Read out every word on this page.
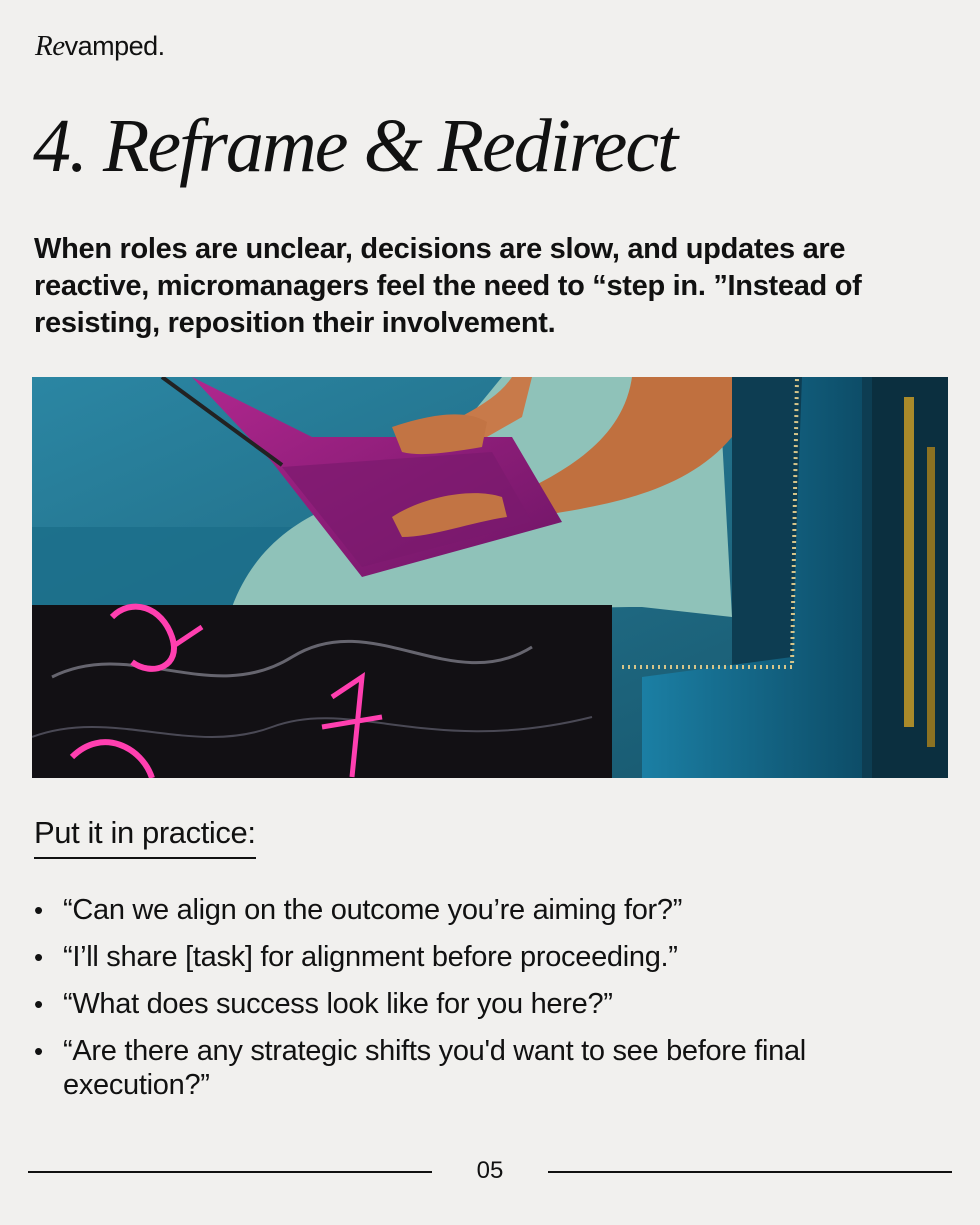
Revamped.
4. Reframe & Redirect

When roles are unclear, decisions are slow, and updates are reactive, micromanagers feel the need to “step in. ”Instead of resisting, reposition their involvement.

Put it in practice:
• “Can we align on the outcome you’re aiming for?”
• “I’ll share [task] for alignment before proceeding.”
• “What does success look like for you here?”
• “Are there any strategic shifts you'd want to see before final execution?”
05
